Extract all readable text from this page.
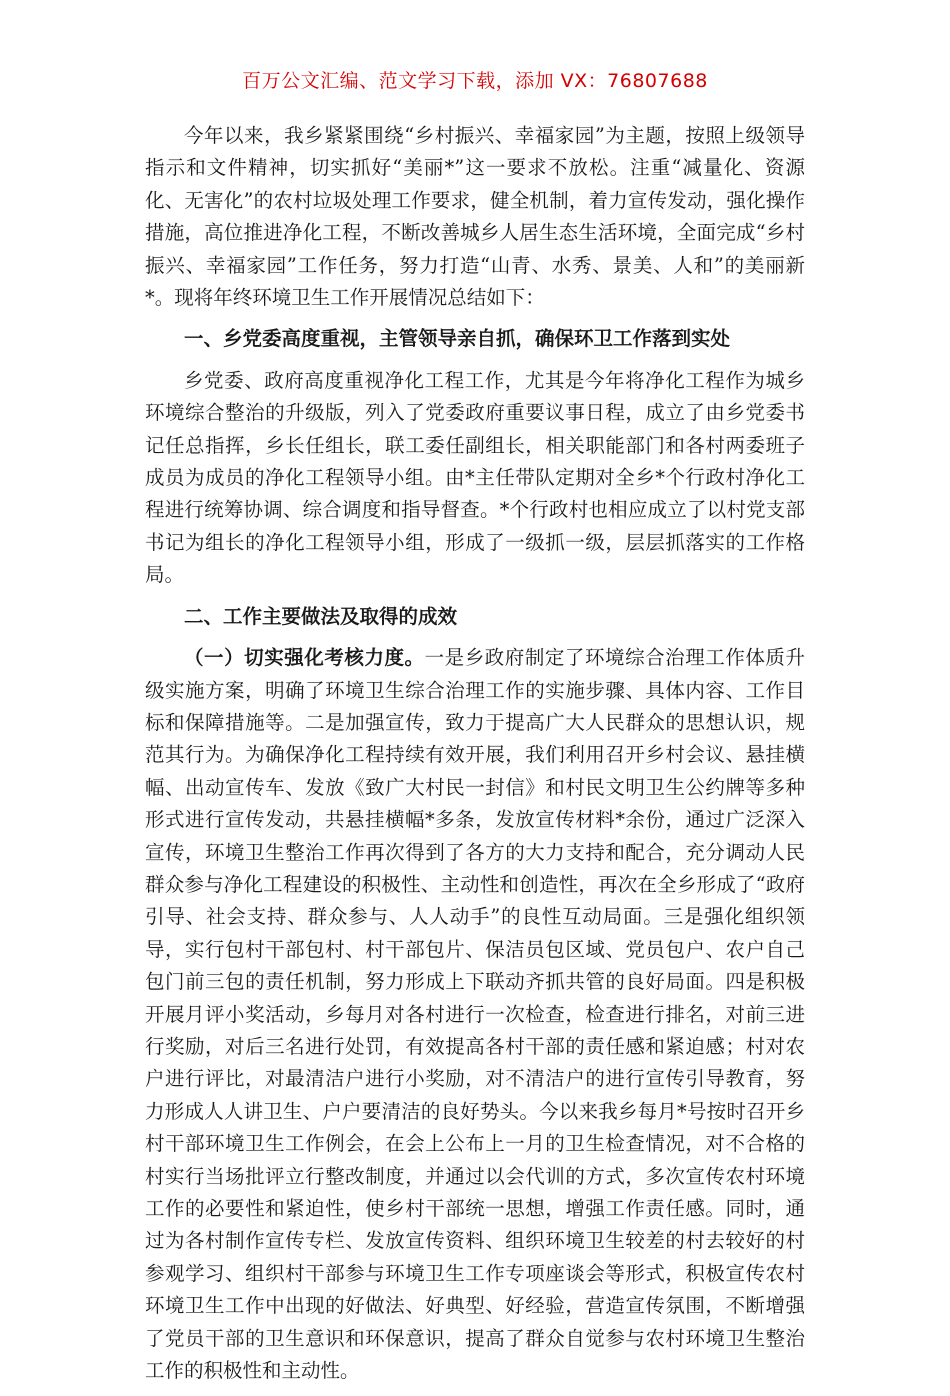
百万公文汇编、范文学习下载，添加 VX：76807688

今年以来，我乡紧紧围绕“乡村振兴、幸福家园”为主题，按照上级领导指示和文件精神，切实抓好“美丽*”这一要求不放松。注重“减量化、资源化、无害化”的农村垃圾处理工作要求，健全机制，着力宣传发动，强化操作措施，高位推进净化工程，不断改善城乡人居生态生活环境，全面完成“乡村振兴、幸福家园”工作任务，努力打造“山青、水秀、景美、人和”的美丽新*。现将年终环境卫生工作开展情况总结如下：

一、乡党委高度重视，主管领导亲自抓，确保环卫工作落到实处

乡党委、政府高度重视净化工程工作，尤其是今年将净化工程作为城乡环境综合整治的升级版，列入了党委政府重要议事日程，成立了由乡党委书记任总指挥，乡长任组长，联工委任副组长，相关职能部门和各村两委班子成员为成员的净化工程领导小组。由*主任带队定期对全乡*个行政村净化工程进行统筹协调、综合调度和指导督查。*个行政村也相应成立了以村党支部书记为组长的净化工程领导小组，形成了一级抓一级，层层抓落实的工作格局。

二、工作主要做法及取得的成效

（一）切实强化考核力度。一是乡政府制定了环境综合治理工作体质升级实施方案，明确了环境卫生综合治理工作的实施步骤、具体内容、工作目标和保障措施等。二是加强宣传，致力于提高广大人民群众的思想认识，规范其行为。为确保净化工程持续有效开展，我们利用召开乡村会议、悬挂横幅、出动宣传车、发放《致广大村民一封信》和村民文明卫生公约牌等多种形式进行宣传发动，共悬挂横幅*多条，发放宣传材料*余份，通过广泛深入宣传，环境卫生整治工作再次得到了各方的大力支持和配合，充分调动人民群众参与净化工程建设的积极性、主动性和创造性，再次在全乡形成了“政府引导、社会支持、群众参与、人人动手”的良性互动局面。三是强化组织领导，实行包村干部包村、村干部包片、保洁员包区域、党员包户、农户自己包门前三包的责任机制，努力形成上下联动齐抓共管的良好局面。四是积极开展月评小奖活动，乡每月对各村进行一次检查，检查进行排名，对前三进行奖励，对后三名进行处罚，有效提高各村干部的责任感和紧迫感；村对农户进行评比，对最清洁户进行小奖励，对不清洁户的进行宣传引导教育，努力形成人人讲卫生、户户要清洁的良好势头。今以来我乡每月*号按时召开乡村干部环境卫生工作例会，在会上公布上一月的卫生检查情况，对不合格的村实行当场批评立行整改制度，并通过以会代训的方式，多次宣传农村环境工作的必要性和紧迫性，使乡村干部统一思想，增强工作责任感。同时，通过为各村制作宣传专栏、发放宣传资料、组织环境卫生较差的村去较好的村参观学习、组织村干部参与环境卫生工作专项座谈会等形式，积极宣传农村环境卫生工作中出现的好做法、好典型、好经验，营造宣传氛围，不断增强了党员干部的卫生意识和环保意识，提高了群众自觉参与农村环境卫生整治工作的积极性和主动性。
